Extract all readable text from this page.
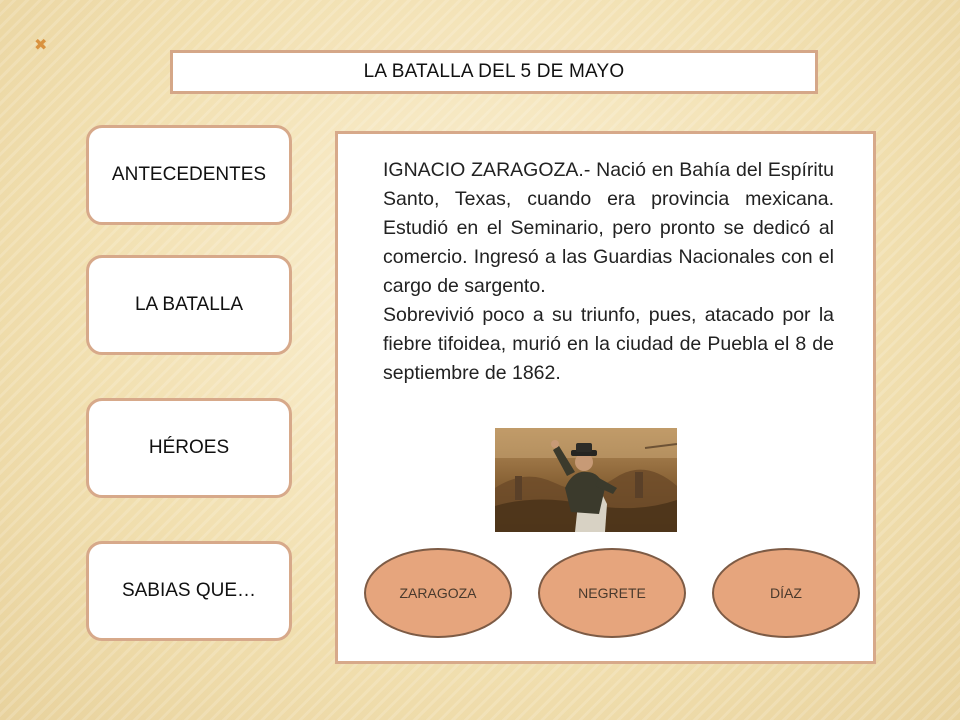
✖
LA BATALLA DEL 5 DE MAYO
ANTECEDENTES
LA BATALLA
HÉROES
SABIAS QUE…

IGNACIO ZARAGOZA.- Nació en Bahía del Espíritu Santo, Texas, cuando era provincia mexicana. Estudió en el Seminario, pero pronto se dedicó al comercio. Ingresó a las Guardias Nacionales con el cargo de sargento.

Sobrevivió poco a su triunfo, pues, atacado por la fiebre tifoidea, murió en la ciudad de Puebla el 8 de septiembre de 1862.

ZARAGOZA	NEGRETE	DÍAZ
